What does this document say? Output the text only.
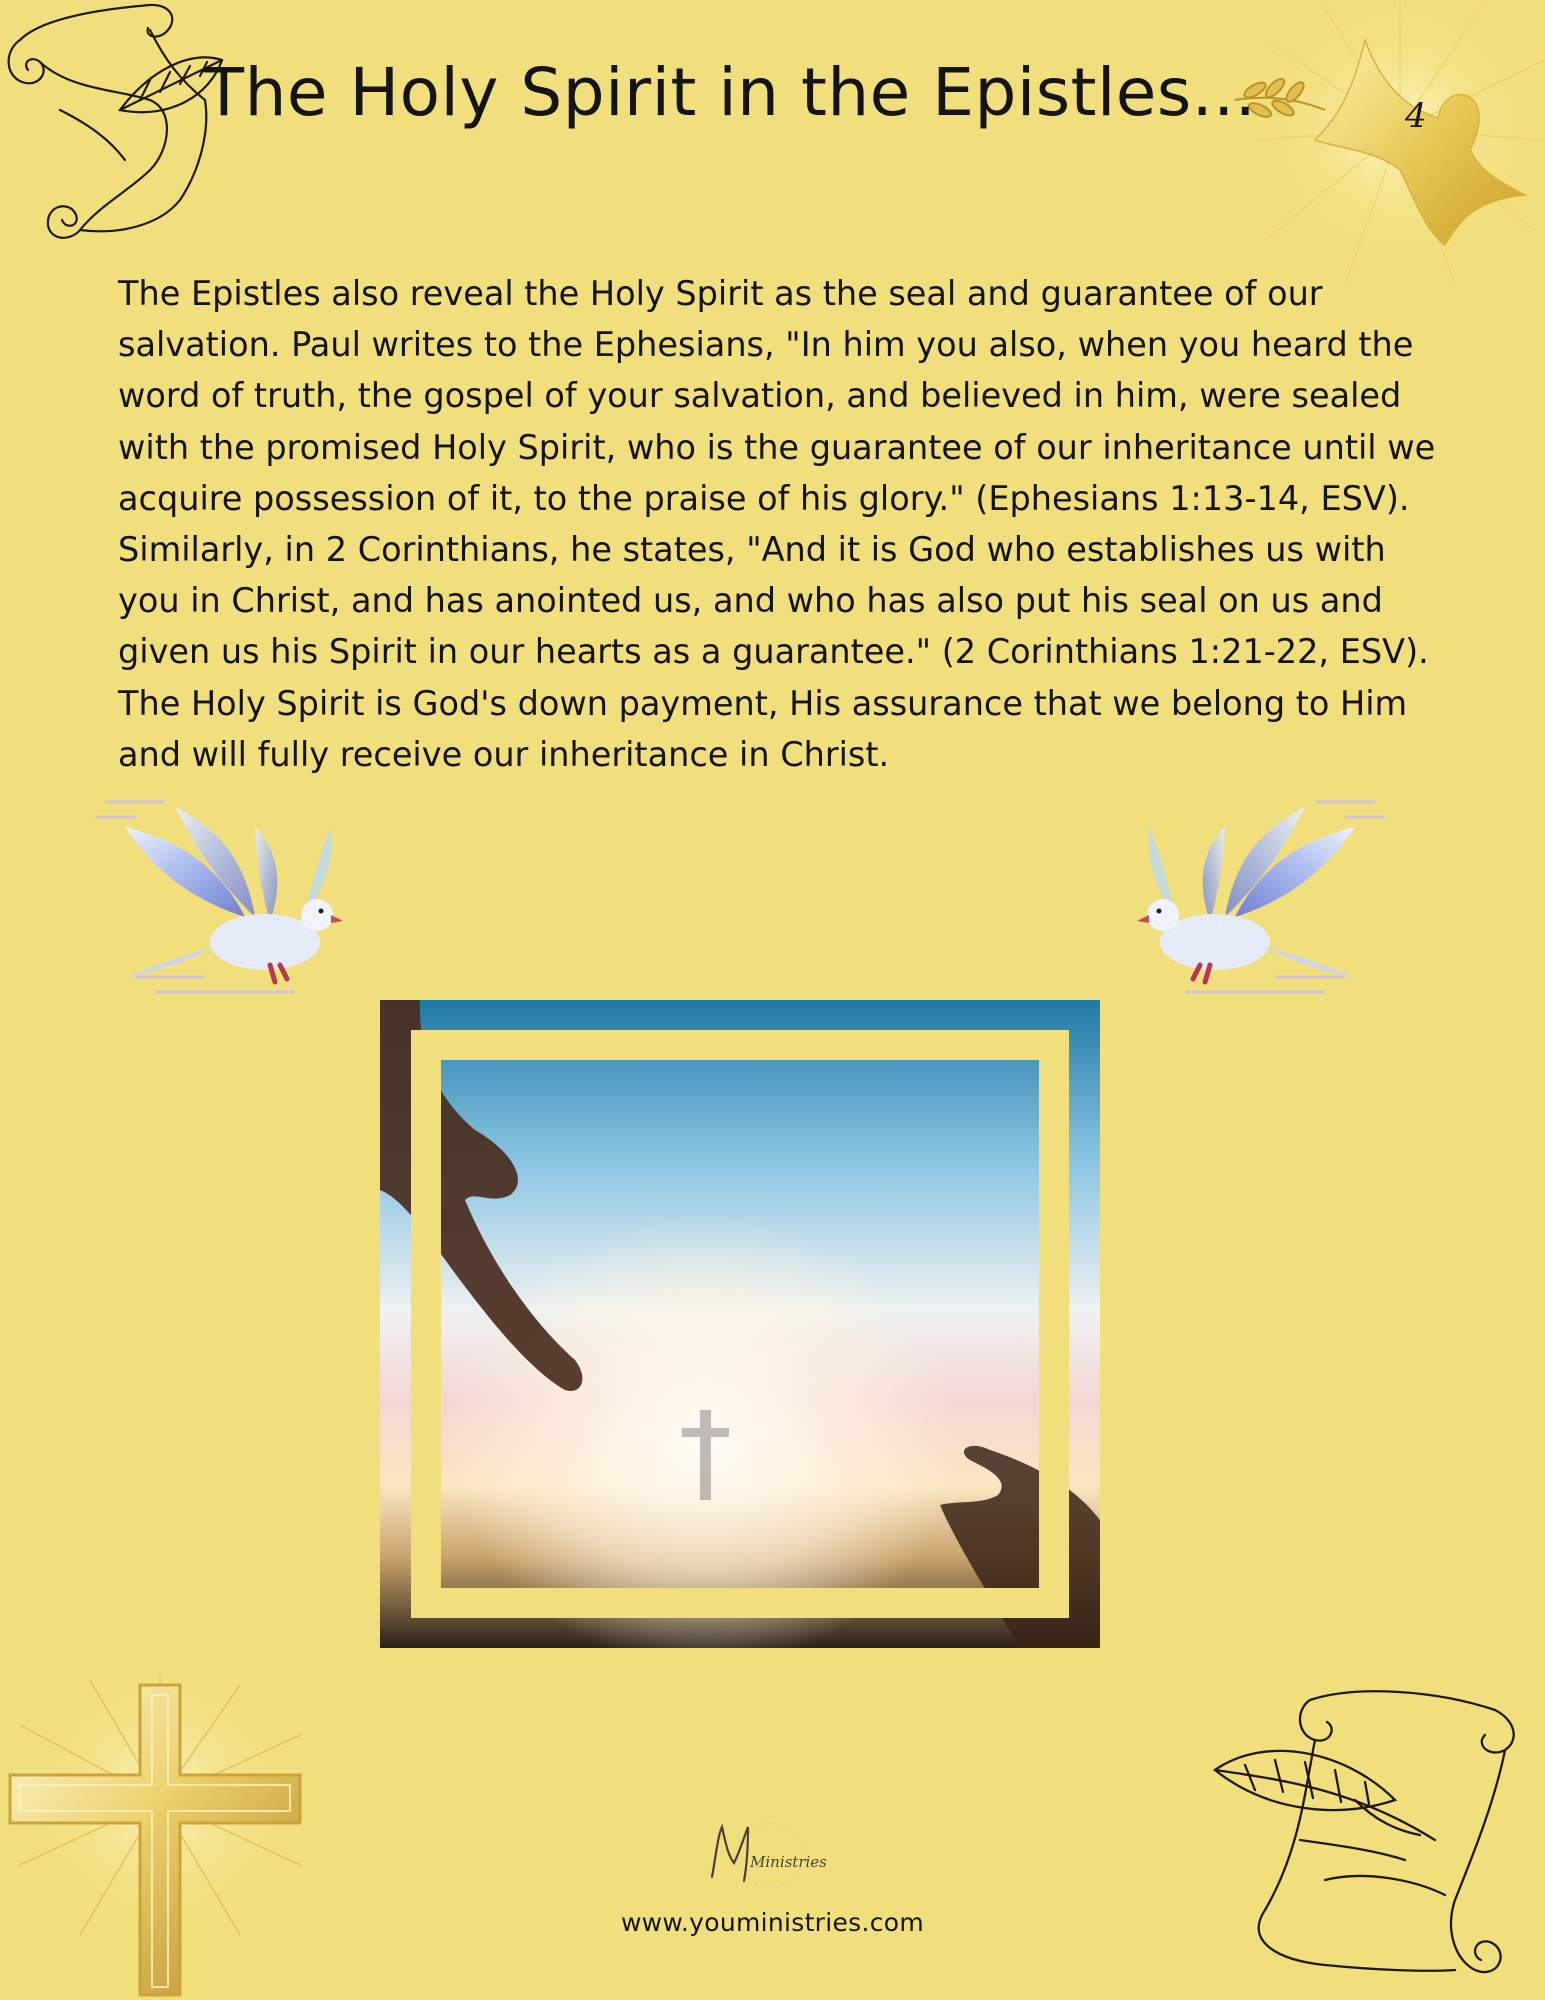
The Holy Spirit in the Epistles...	4

The Epistles also reveal the Holy Spirit as the seal and guarantee of our salvation. Paul writes to the Ephesians, "In him you also, when you heard the word of truth, the gospel of your salvation, and believed in him, were sealed with the promised Holy Spirit, who is the guarantee of our inheritance until we acquire possession of it, to the praise of his glory." (Ephesians 1:13-14, ESV). Similarly, in 2 Corinthians, he states, "And it is God who establishes us with you in Christ, and has anointed us, and who has also put his seal on us and given us his Spirit in our hearts as a guarantee." (2 Corinthians 1:21-22, ESV). The Holy Spirit is God's down payment, His assurance that we belong to Him and will fully receive our inheritance in Christ.

Ministries
www.youministries.com
